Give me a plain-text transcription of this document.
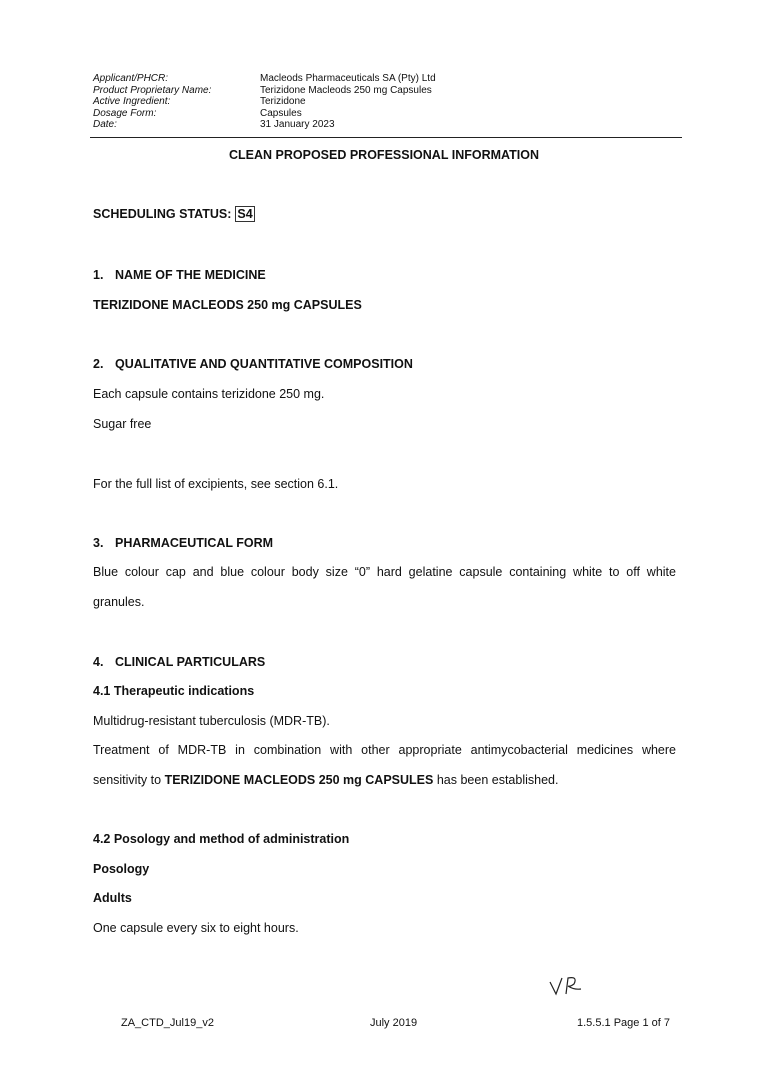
Applicant/PHCR:	Macleods Pharmaceuticals SA (Pty) Ltd
Product Proprietary Name:	Terizidone Macleods 250 mg Capsules
Active Ingredient:	Terizidone
Dosage Form:	Capsules
Date:	31 January 2023
CLEAN PROPOSED PROFESSIONAL INFORMATION
SCHEDULING STATUS: S4
1. NAME OF THE MEDICINE
TERIZIDONE MACLEODS 250 mg CAPSULES
2. QUALITATIVE AND QUANTITATIVE COMPOSITION
Each capsule contains terizidone 250 mg.
Sugar free
For the full list of excipients, see section 6.1.
3. PHARMACEUTICAL FORM
Blue colour cap and blue colour body size “0” hard gelatine capsule containing white to off white granules.
4. CLINICAL PARTICULARS
4.1 Therapeutic indications
Multidrug-resistant tuberculosis (MDR-TB).
Treatment of MDR-TB in combination with other appropriate antimycobacterial medicines where sensitivity to TERIZIDONE MACLEODS 250 mg CAPSULES has been established.
4.2 Posology and method of administration
Posology
Adults
One capsule every six to eight hours.
ZA_CTD_Jul19_v2	July 2019	1.5.5.1 Page 1 of 7
